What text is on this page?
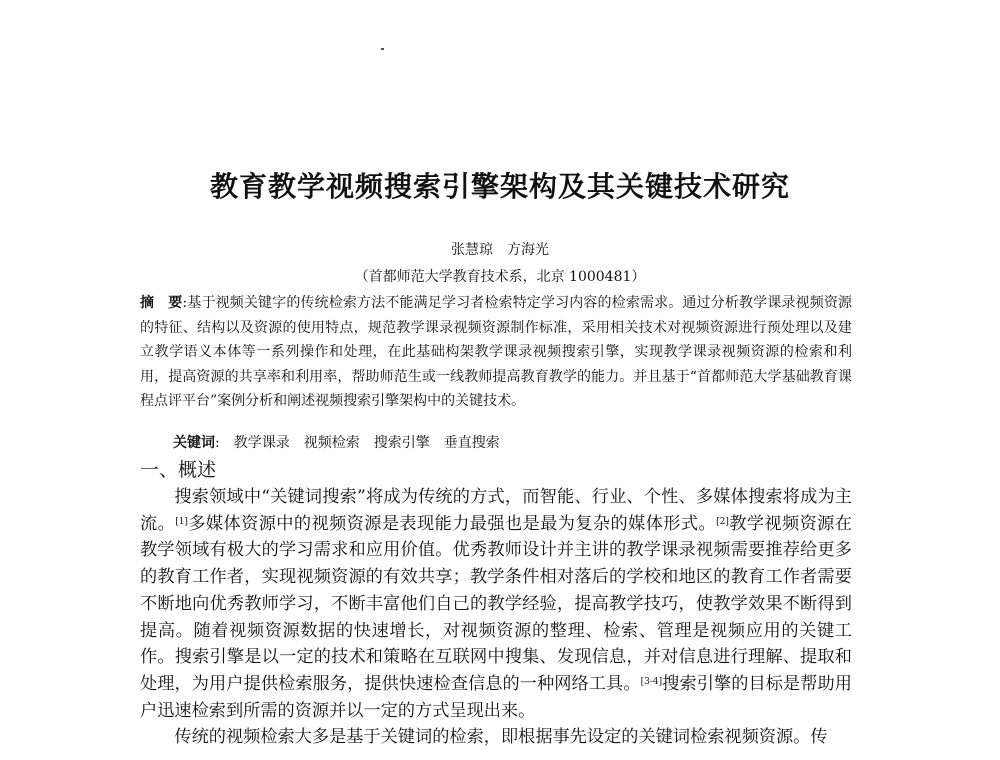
教育教学视频搜索引擎架构及其关键技术研究
张慧琼　方海光
（首都师范大学教育技术系，北京 1000481）
摘　要:基于视频关键字的传统检索方法不能满足学习者检索特定学习内容的检索需求。通过分析教学课录视频资源的特征、结构以及资源的使用特点，规范教学课录视频资源制作标准，采用相关技术对视频资源进行预处理以及建立教学语义本体等一系列操作和处理，在此基础构架教学课录视频搜索引擎，实现教学课录视频资源的检索和利用，提高资源的共享率和利用率，帮助师范生或一线教师提高教育教学的能力。并且基于“首都师范大学基础教育课程点评平台”案例分析和阐述视频搜索引擎架构中的关键技术。
关键词:　教学课录　视频检索　搜索引擎　垂直搜索
一、概述

搜索领域中“关键词搜索”将成为传统的方式，而智能、行业、个性、多媒体搜索将成为主流。[1]多媒体资源中的视频资源是表现能力最强也是最为复杂的媒体形式。[2]教学视频资源在教学领域有极大的学习需求和应用价值。优秀教师设计并主讲的教学课录视频需要推荐给更多的教育工作者，实现视频资源的有效共享；教学条件相对落后的学校和地区的教育工作者需要不断地向优秀教师学习，不断丰富他们自己的教学经验，提高教学技巧，使教学效果不断得到提高。随着视频资源数据的快速增长，对视频资源的整理、检索、管理是视频应用的关键工作。搜索引擎是以一定的技术和策略在互联网中搜集、发现信息，并对信息进行理解、提取和处理，为用户提供检索服务，提供快速检查信息的一种网络工具。[3-4]搜索引擎的目标是帮助用户迅速检索到所需的资源并以一定的方式呈现出来。

传统的视频检索大多是基于关键词的检索，即根据事先设定的关键词检索视频资源。传
